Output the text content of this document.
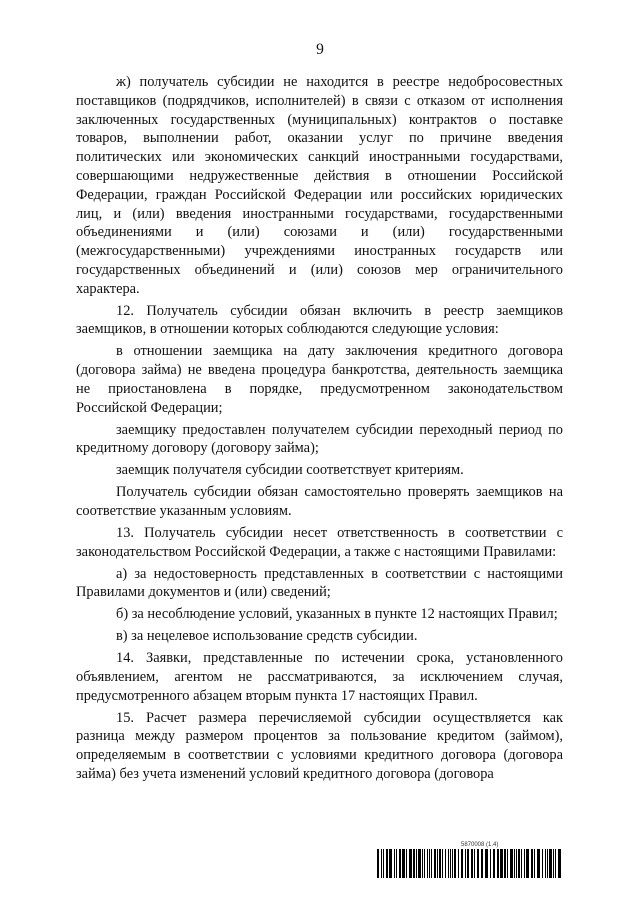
9

ж) получатель субсидии не находится в реестре недобросовестных поставщиков (подрядчиков, исполнителей) в связи с отказом от исполнения заключенных государственных (муниципальных) контрактов о поставке товаров, выполнении работ, оказании услуг по причине введения политических или экономических санкций иностранными государствами, совершающими недружественные действия в отношении Российской Федерации, граждан Российской Федерации или российских юридических лиц, и (или) введения иностранными государствами, государственными объединениями и (или) союзами и (или) государственными (межгосударственными) учреждениями иностранных государств или государственных объединений и (или) союзов мер ограничительного характера.

12. Получатель субсидии обязан включить в реестр заемщиков заемщиков, в отношении которых соблюдаются следующие условия:

в отношении заемщика на дату заключения кредитного договора (договора займа) не введена процедура банкротства, деятельность заемщика не приостановлена в порядке, предусмотренном законодательством Российской Федерации;

заемщику предоставлен получателем субсидии переходный период по кредитному договору (договору займа);

заемщик получателя субсидии соответствует критериям.

Получатель субсидии обязан самостоятельно проверять заемщиков на соответствие указанным условиям.

13. Получатель субсидии несет ответственность в соответствии с законодательством Российской Федерации, а также с настоящими Правилами:

а) за недостоверность представленных в соответствии с настоящими Правилами документов и (или) сведений;

б) за несоблюдение условий, указанных в пункте 12 настоящих Правил;

в) за нецелевое использование средств субсидии.

14. Заявки, представленные по истечении срока, установленного объявлением, агентом не рассматриваются, за исключением случая, предусмотренного абзацем вторым пункта 17 настоящих Правил.

15. Расчет размера перечисляемой субсидии осуществляется как разница между размером процентов за пользование кредитом (займом), определяемым в соответствии с условиями кредитного договора (договора займа) без учета изменений условий кредитного договора (договора

5870008 (1.4)
